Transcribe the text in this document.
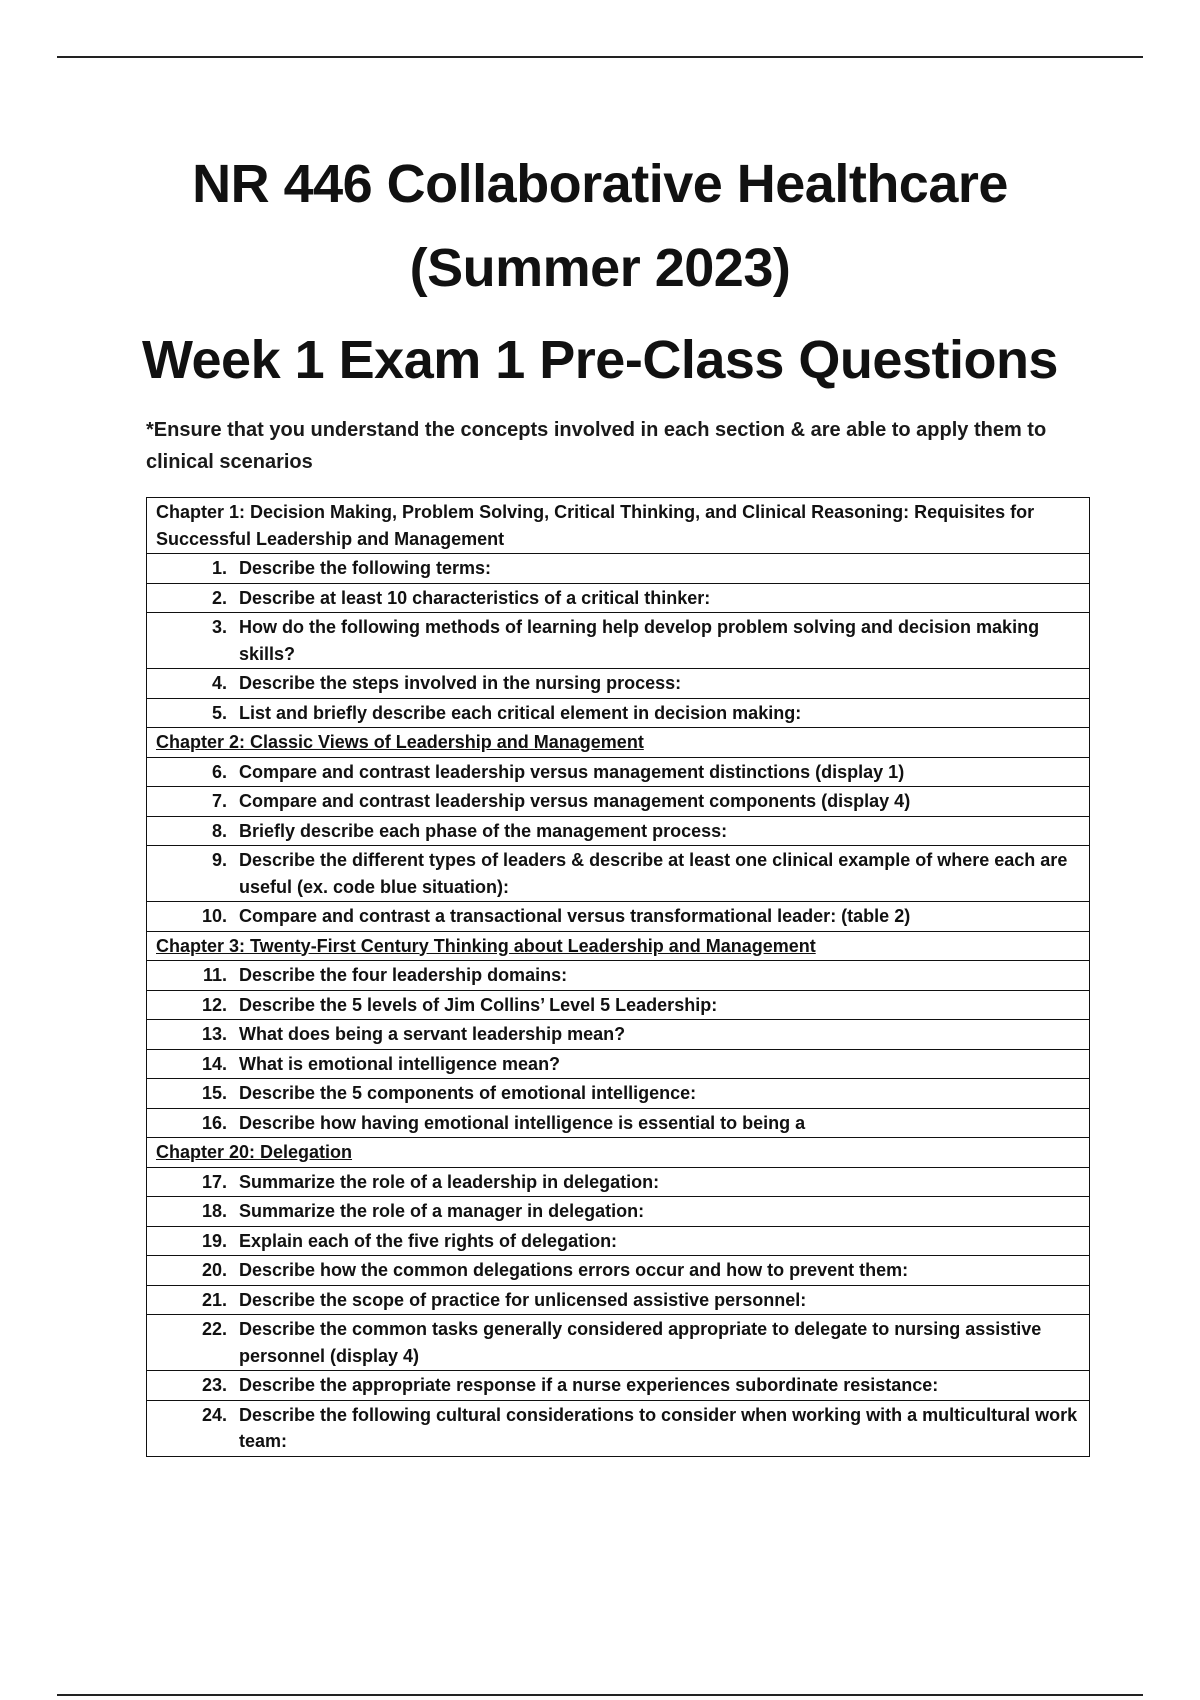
NR 446 Collaborative Healthcare
(Summer 2023)
Week 1 Exam 1 Pre-Class Questions
*Ensure that you understand the concepts involved in each section & are able to apply them to clinical scenarios
Chapter 1: Decision Making, Problem Solving, Critical Thinking, and Clinical Reasoning: Requisites for Successful Leadership and Management
1. Describe the following terms:
2. Describe at least 10 characteristics of a critical thinker:
3. How do the following methods of learning help develop problem solving and decision making skills?
4. Describe the steps involved in the nursing process:
5. List and briefly describe each critical element in decision making:
Chapter 2: Classic Views of Leadership and Management
6. Compare and contrast leadership versus management distinctions (display 1)
7. Compare and contrast leadership versus management components (display 4)
8. Briefly describe each phase of the management process:
9. Describe the different types of leaders & describe at least one clinical example of where each are useful (ex. code blue situation):
10. Compare and contrast a transactional versus transformational leader: (table 2)
Chapter 3: Twenty-First Century Thinking about Leadership and Management
11. Describe the four leadership domains:
12. Describe the 5 levels of Jim Collins’ Level 5 Leadership:
13. What does being a servant leadership mean?
14. What is emotional intelligence mean?
15. Describe the 5 components of emotional intelligence:
16. Describe how having emotional intelligence is essential to being a
Chapter 20: Delegation
17. Summarize the role of a leadership in delegation:
18. Summarize the role of a manager in delegation:
19. Explain each of the five rights of delegation:
20. Describe how the common delegations errors occur and how to prevent them:
21. Describe the scope of practice for unlicensed assistive personnel:
22. Describe the common tasks generally considered appropriate to delegate to nursing assistive personnel (display 4)
23. Describe the appropriate response if a nurse experiences subordinate resistance:
24. Describe the following cultural considerations to consider when working with a multicultural work team:
